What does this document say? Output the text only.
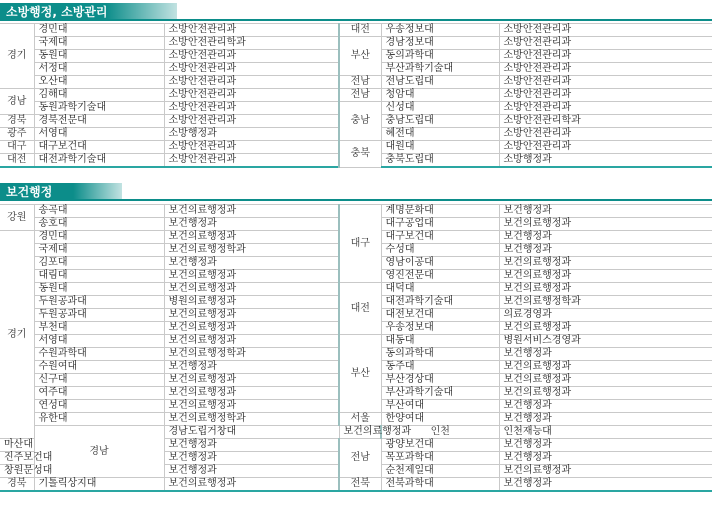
소방행정, 소방관리
경기	경민대	소방안전관리과	대전	우송정보대	소방안전관리과
	국제대	소방안전관리학과	부산	경남정보대	소방안전관리과
	동원대	소방안전관리과		동의과학대	소방안전관리과
	서정대	소방안전관리과		부산과학기술대	소방안전관리과
	오산대	소방안전관리과	전남	전남도립대	소방안전관리과
경남	김해대	소방안전관리과	전남	청암대	소방안전관리과
	동원과학기술대	소방안전관리과	충남	신성대	소방안전관리과
경북	경북전문대	소방안전관리과		충남도립대	소방안전관리학과
광주	서영대	소방행정과		혜전대	소방안전관리과
대구	대구보건대	소방안전관리과	충북	대원대	소방안전관리과
대전	대전과학기술대	소방안전관리과		충북도립대	소방행정과
보건행정
강원	송곡대	보건의료행정과	대구	계명문화대	보건행정과	
	송호대	보건행정과		대구공업대	보건의료행정과	
경기	경민대	보건의료행정과		대구보건대	보건행정과	
	국제대	보건의료행정학과		수성대	보건행정과	
	김포대	보건행정과		영남이공대	보건의료행정과	
	대림대	보건의료행정과		영진전문대	보건의료행정과	
	동원대	보건의료행정과	대전	대덕대	보건의료행정과	
	두원공과대	병원의료행정과		대전과학기술대	보건의료행정학과	
	두원공과대	보건의료행정과		대전보건대	의료경영과	
	부천대	보건의료행정과		우송정보대	보건의료행정과	
	서영대	보건의료행정과	부산	대동대	병원서비스경영과	
	수원과학대	보건의료행정학과		동의과학대	보건행정과	
	수원여대	보건행정과		동주대	보건의료행정과	
	신구대	보건의료행정과		부산경상대	보건의료행정과	
	여주대	보건의료행정과		부산과학기술대	보건의료행정과	
	연성대	보건의료행정과		부산여대	보건행정과	
	유한대	보건의료행정학과	서울	한양여대	보건행정과	
	경남	경남도립거창대	보건의료행정과	인천	인천재능대	
마산대		보건행정과	전남	광양보건대	보건행정과	
진주보건대		보건행정과		목포과학대	보건행정과	
창원문성대		보건행정과		순천제일대	보건의료행정과	
경북	기톨릭상지대	보건의료행정과	전북	전북과학대	보건행정과	
